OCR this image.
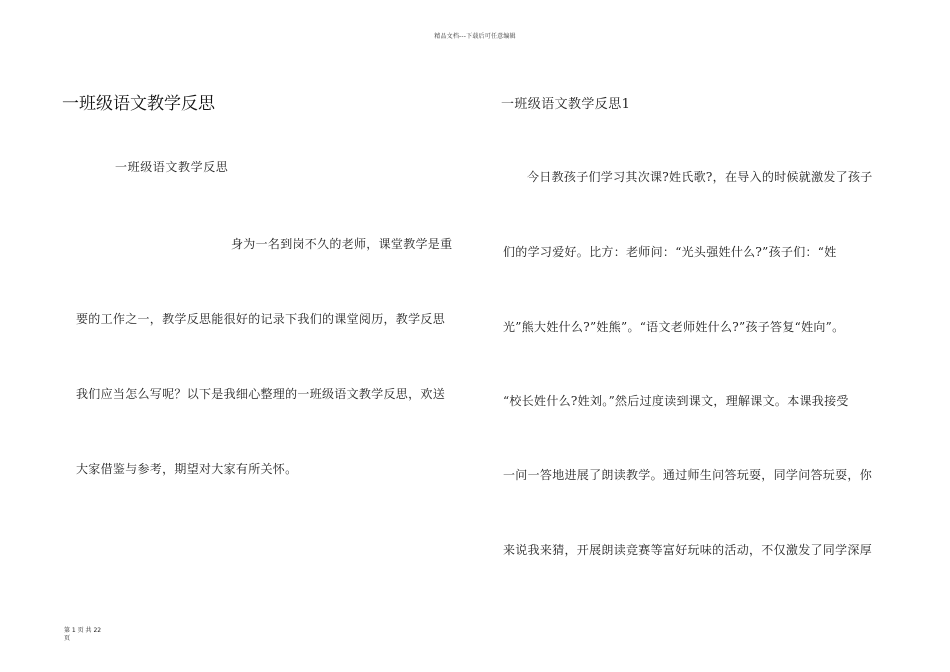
精品文档---下载后可任意编辑
一班级语文教学反思
一班级语文教学反思
身为一名到岗不久的老师，课堂教学是重
要的工作之一，教学反思能很好的记录下我们的课堂阅历，教学反思
我们应当怎么写呢？以下是我细心整理的一班级语文教学反思，欢送
大家借鉴与参考，期望对大家有所关怀。
一班级语文教学反思1
今日教孩子们学习其次课?姓氏歌?，在导入的时候就激发了孩子
们的学习爱好。比方：老师问：“光头强姓什么?”孩子们：“姓
光”熊大姓什么?”姓熊”。“语文老师姓什么?”孩子答复“姓向”。
“校长姓什么?姓刘。”然后过度读到课文，理解课文。本课我接受
一问一答地进展了朗读教学。通过师生问答玩耍，同学问答玩耍，你
来说我来猜，开展朗读竞赛等富好玩味的活动，不仅激发了同学深厚
第 1 页 共 22 页
